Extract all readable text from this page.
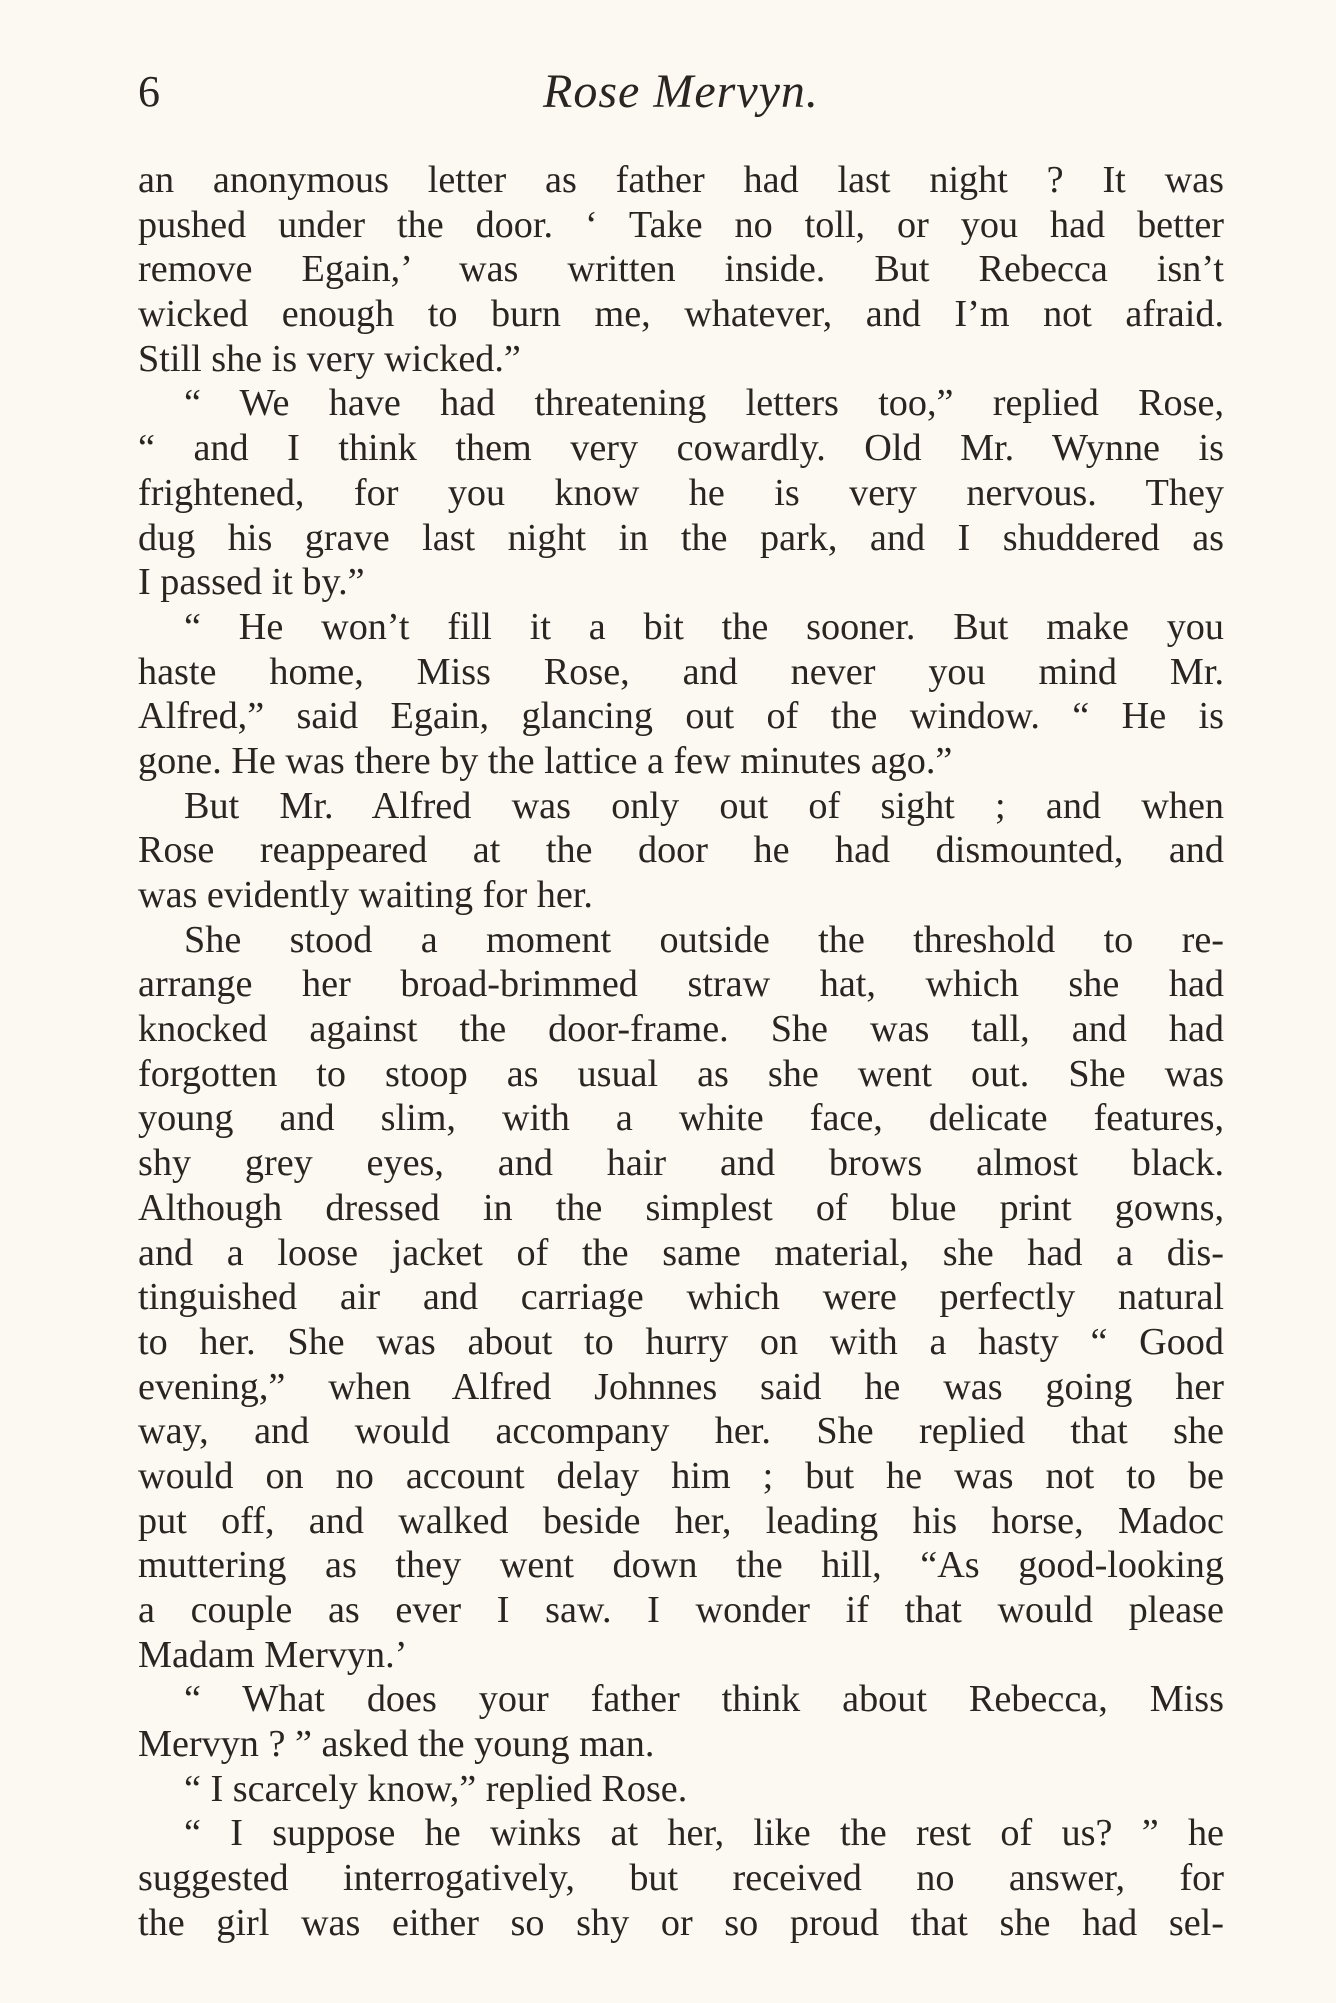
6	Rose Mervyn.
an anonymous letter as father had last night ? It was
pushed under the door. ‘ Take no toll, or you had better
remove Egain,’ was written inside. But Rebecca isn’t
wicked enough to burn me, whatever, and I’m not afraid.
Still she is very wicked.”
“ We have had threatening letters too,” replied Rose,
“ and I think them very cowardly. Old Mr. Wynne is
frightened, for you know he is very nervous. They
dug his grave last night in the park, and I shuddered as
I passed it by.”
“ He won’t fill it a bit the sooner. But make you
haste home, Miss Rose, and never you mind Mr.
Alfred,” said Egain, glancing out of the window. “ He is
gone. He was there by the lattice a few minutes ago.”
But Mr. Alfred was only out of sight ; and when
Rose reappeared at the door he had dismounted, and
was evidently waiting for her.
She stood a moment outside the threshold to re-
arrange her broad-brimmed straw hat, which she had
knocked against the door-frame. She was tall, and had
forgotten to stoop as usual as she went out. She was
young and slim, with a white face, delicate features,
shy grey eyes, and hair and brows almost black.
Although dressed in the simplest of blue print gowns,
and a loose jacket of the same material, she had a dis-
tinguished air and carriage which were perfectly natural
to her. She was about to hurry on with a hasty “ Good
evening,” when Alfred Johnnes said he was going her
way, and would accompany her. She replied that she
would on no account delay him ; but he was not to be
put off, and walked beside her, leading his horse, Madoc
muttering as they went down the hill, “As good-looking
a couple as ever I saw. I wonder if that would please
Madam Mervyn.’
“ What does your father think about Rebecca, Miss
Mervyn ? ” asked the young man.
“ I scarcely know,” replied Rose.
“ I suppose he winks at her, like the rest of us? ” he
suggested interrogatively, but received no answer, for
the girl was either so shy or so proud that she had sel-
